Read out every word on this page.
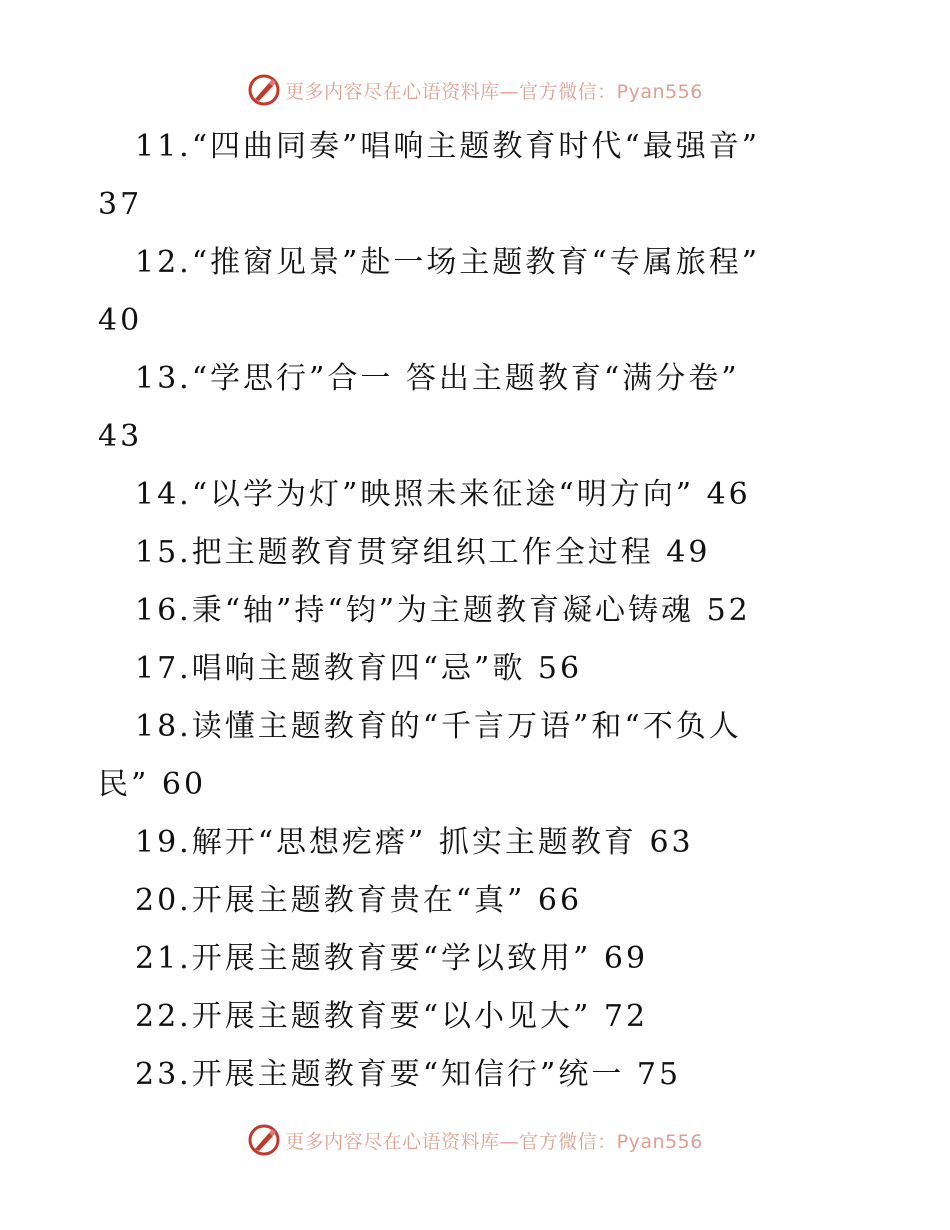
更多内容尽在心语资料库—官方微信：Pyan556
11.“四曲同奏”唱响主题教育时代“最强音”
37
12.“推窗见景”赴一场主题教育“专属旅程”
40
13.“学思行”合一 答出主题教育“满分卷”
43
14.“以学为灯”映照未来征途“明方向” 46
15.把主题教育贯穿组织工作全过程 49
16.秉“轴”持“钧”为主题教育凝心铸魂 52
17.唱响主题教育四“忌”歌 56
18.读懂主题教育的“千言万语”和“不负人
民” 60
19.解开“思想疙瘩” 抓实主题教育 63
20.开展主题教育贵在“真” 66
21.开展主题教育要“学以致用” 69
22.开展主题教育要“以小见大” 72
23.开展主题教育要“知信行”统一 75
更多内容尽在心语资料库—官方微信：Pyan556
